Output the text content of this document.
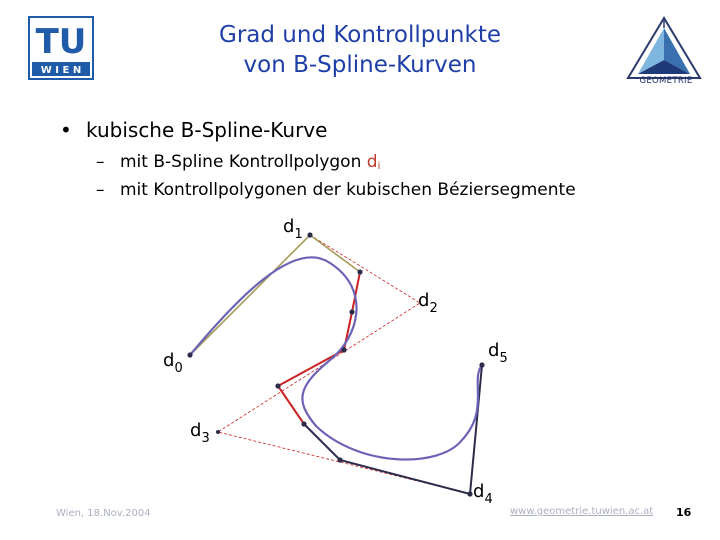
TU
W I E N
Grad und Kontrollpunkte
von B-Spline-Kurven
GEOMETRIE
• kubische B-Spline-Kurve
– mit B-Spline Kontrollpolygon $d_i$
– mit Kontrollpolygonen der kubischen Béziersegmente
$d_0$
$d_1$
$d_2$
$d_3$
$d_4$
$d_5$
Wien, 18.Nov.2004	www.geometrie.tuwien.ac.at 16
